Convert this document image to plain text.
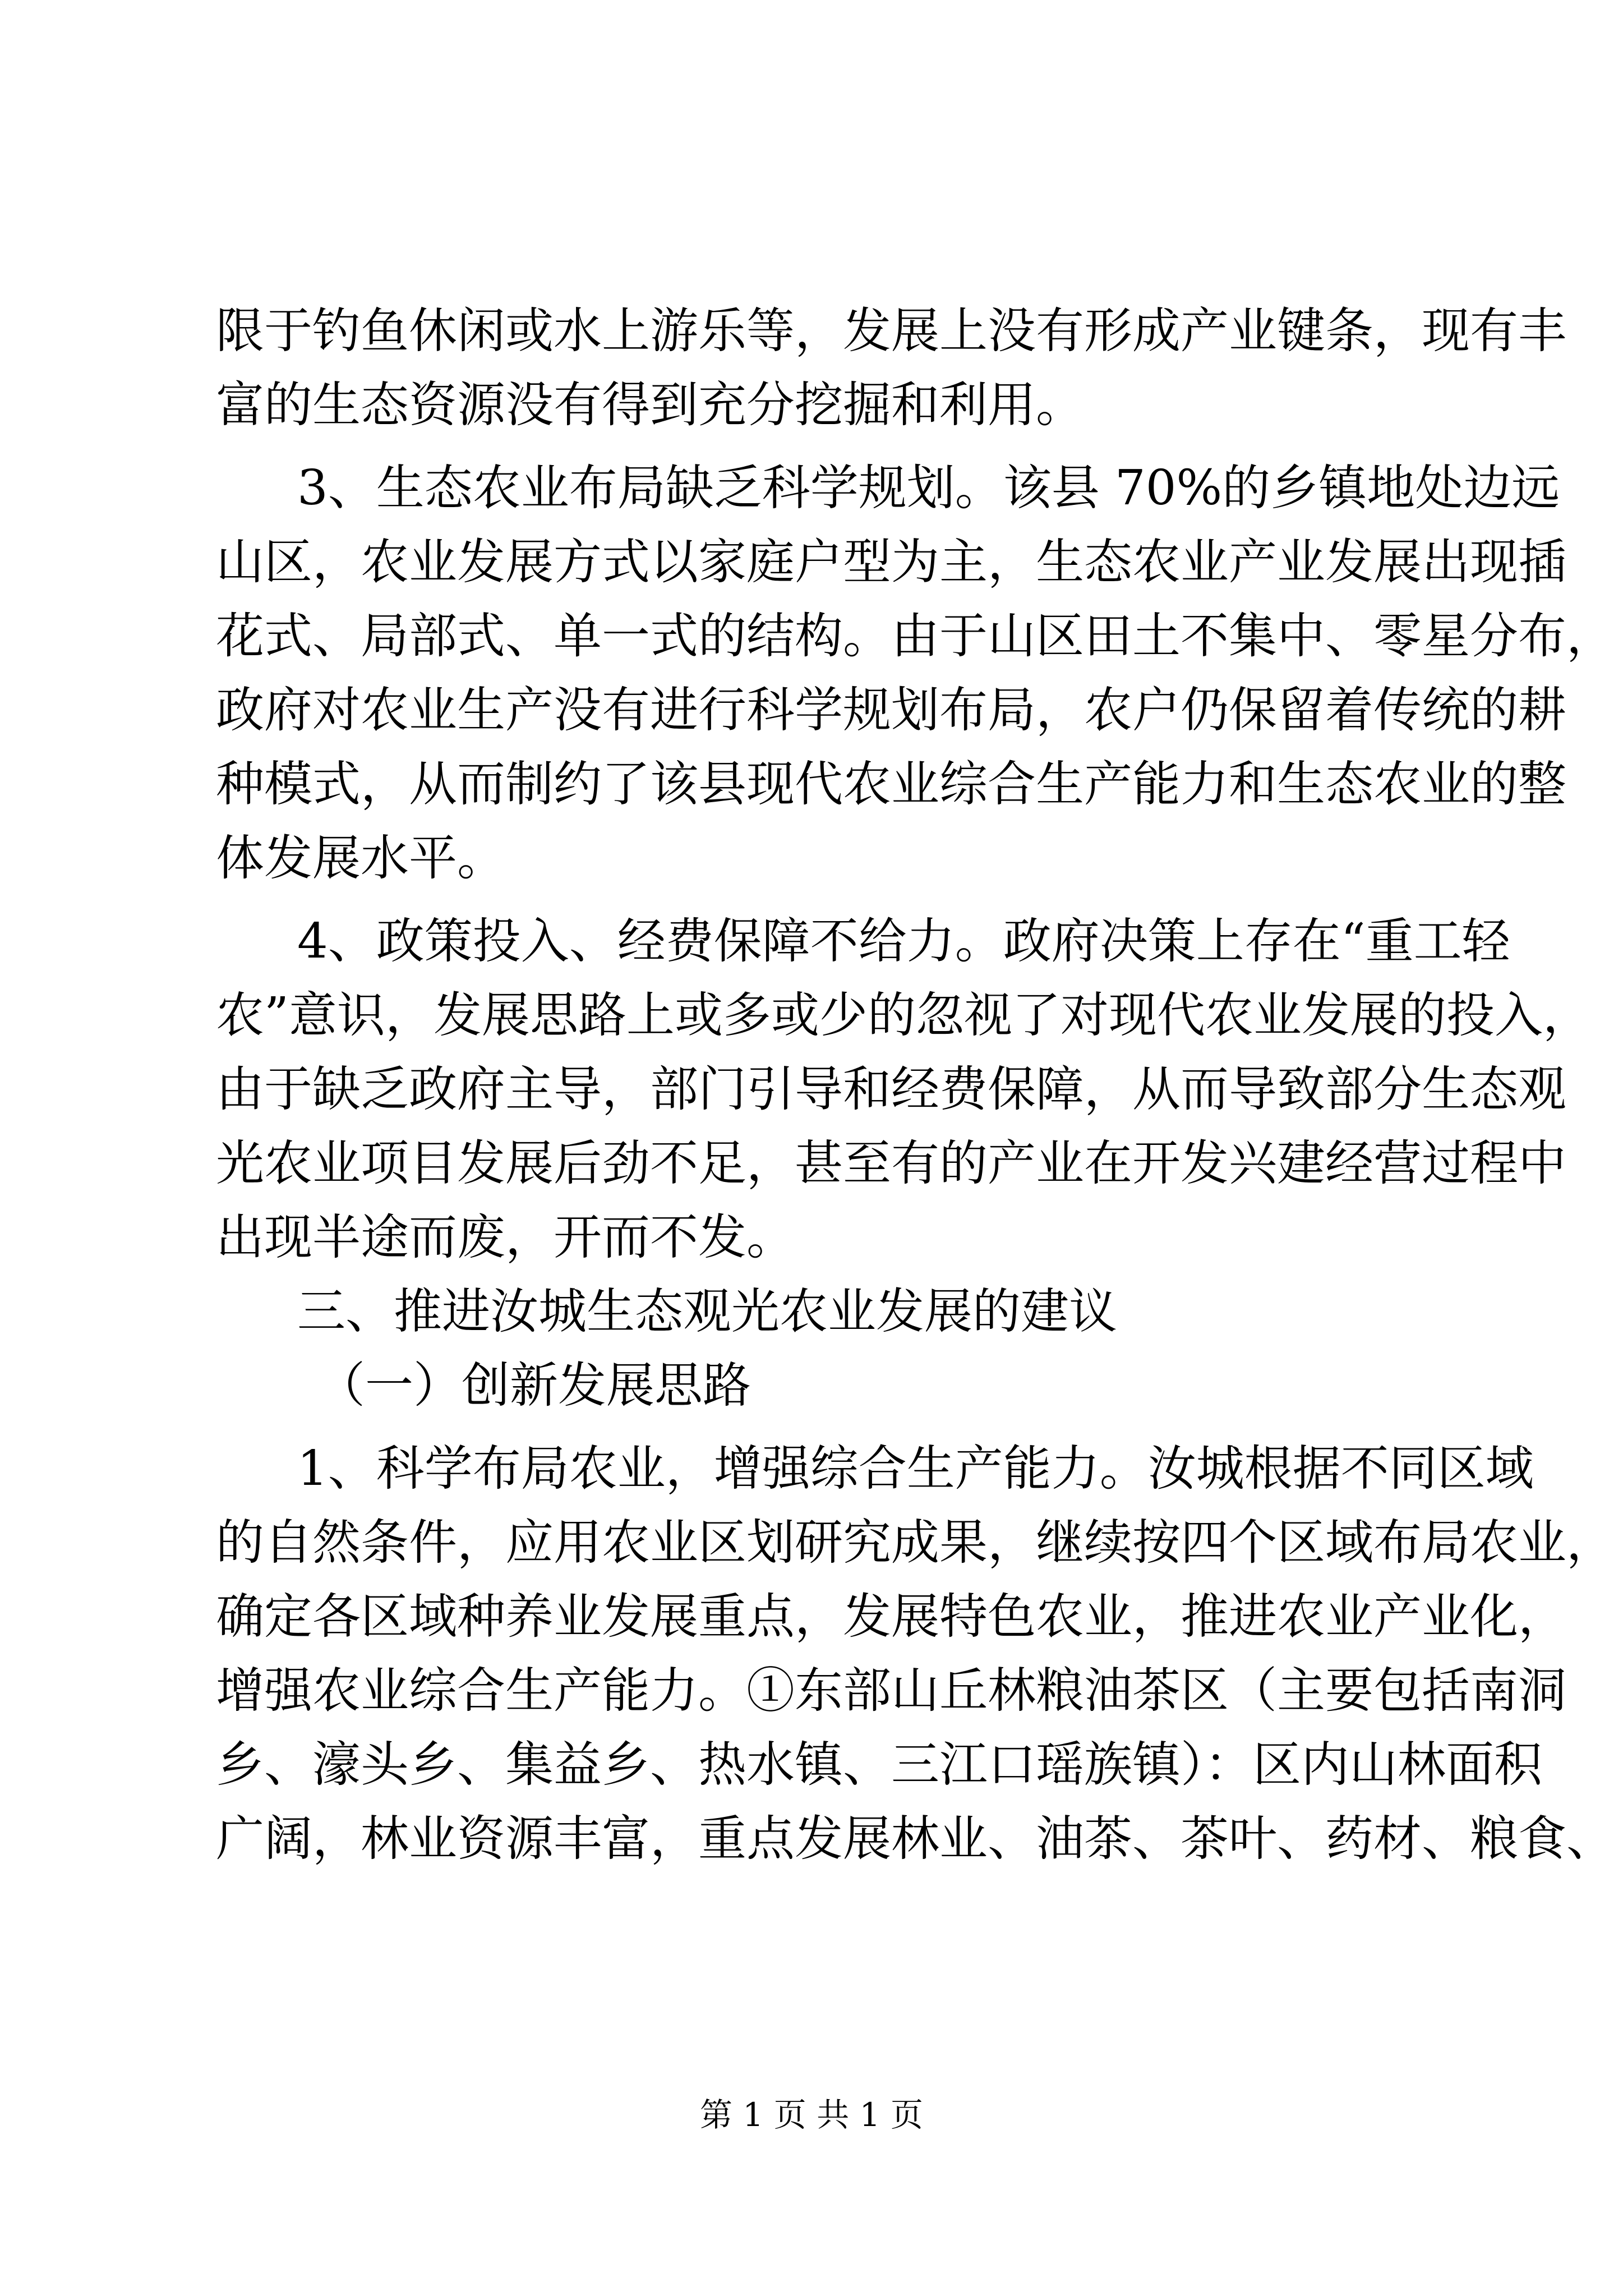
限于钓鱼休闲或水上游乐等，发展上没有形成产业键条，现有丰
富的生态资源没有得到充分挖掘和利用。
3、生态农业布局缺乏科学规划。该县 70%的乡镇地处边远
山区，农业发展方式以家庭户型为主，生态农业产业发展出现插
花式、局部式、单一式的结构。由于山区田土不集中、零星分布，
政府对农业生产没有进行科学规划布局，农户仍保留着传统的耕
种模式，从而制约了该县现代农业综合生产能力和生态农业的整
体发展水平。
4、政策投入、经费保障不给力。政府决策上存在“重工轻
农”意识，发展思路上或多或少的忽视了对现代农业发展的投入，
由于缺乏政府主导，部门引导和经费保障，从而导致部分生态观
光农业项目发展后劲不足，甚至有的产业在开发兴建经营过程中
出现半途而废，开而不发。
三、推进汝城生态观光农业发展的建议
（一）创新发展思路
1、科学布局农业，增强综合生产能力。汝城根据不同区域
的自然条件，应用农业区划研究成果，继续按四个区域布局农业，
确定各区域种养业发展重点，发展特色农业，推进农业产业化，
增强农业综合生产能力。①东部山丘林粮油茶区（主要包括南洞
乡、濠头乡、集益乡、热水镇、三江口瑶族镇）：区内山林面积
广阔，林业资源丰富，重点发展林业、油茶、茶叶、药材、粮食、
第 1 页 共 1 页
